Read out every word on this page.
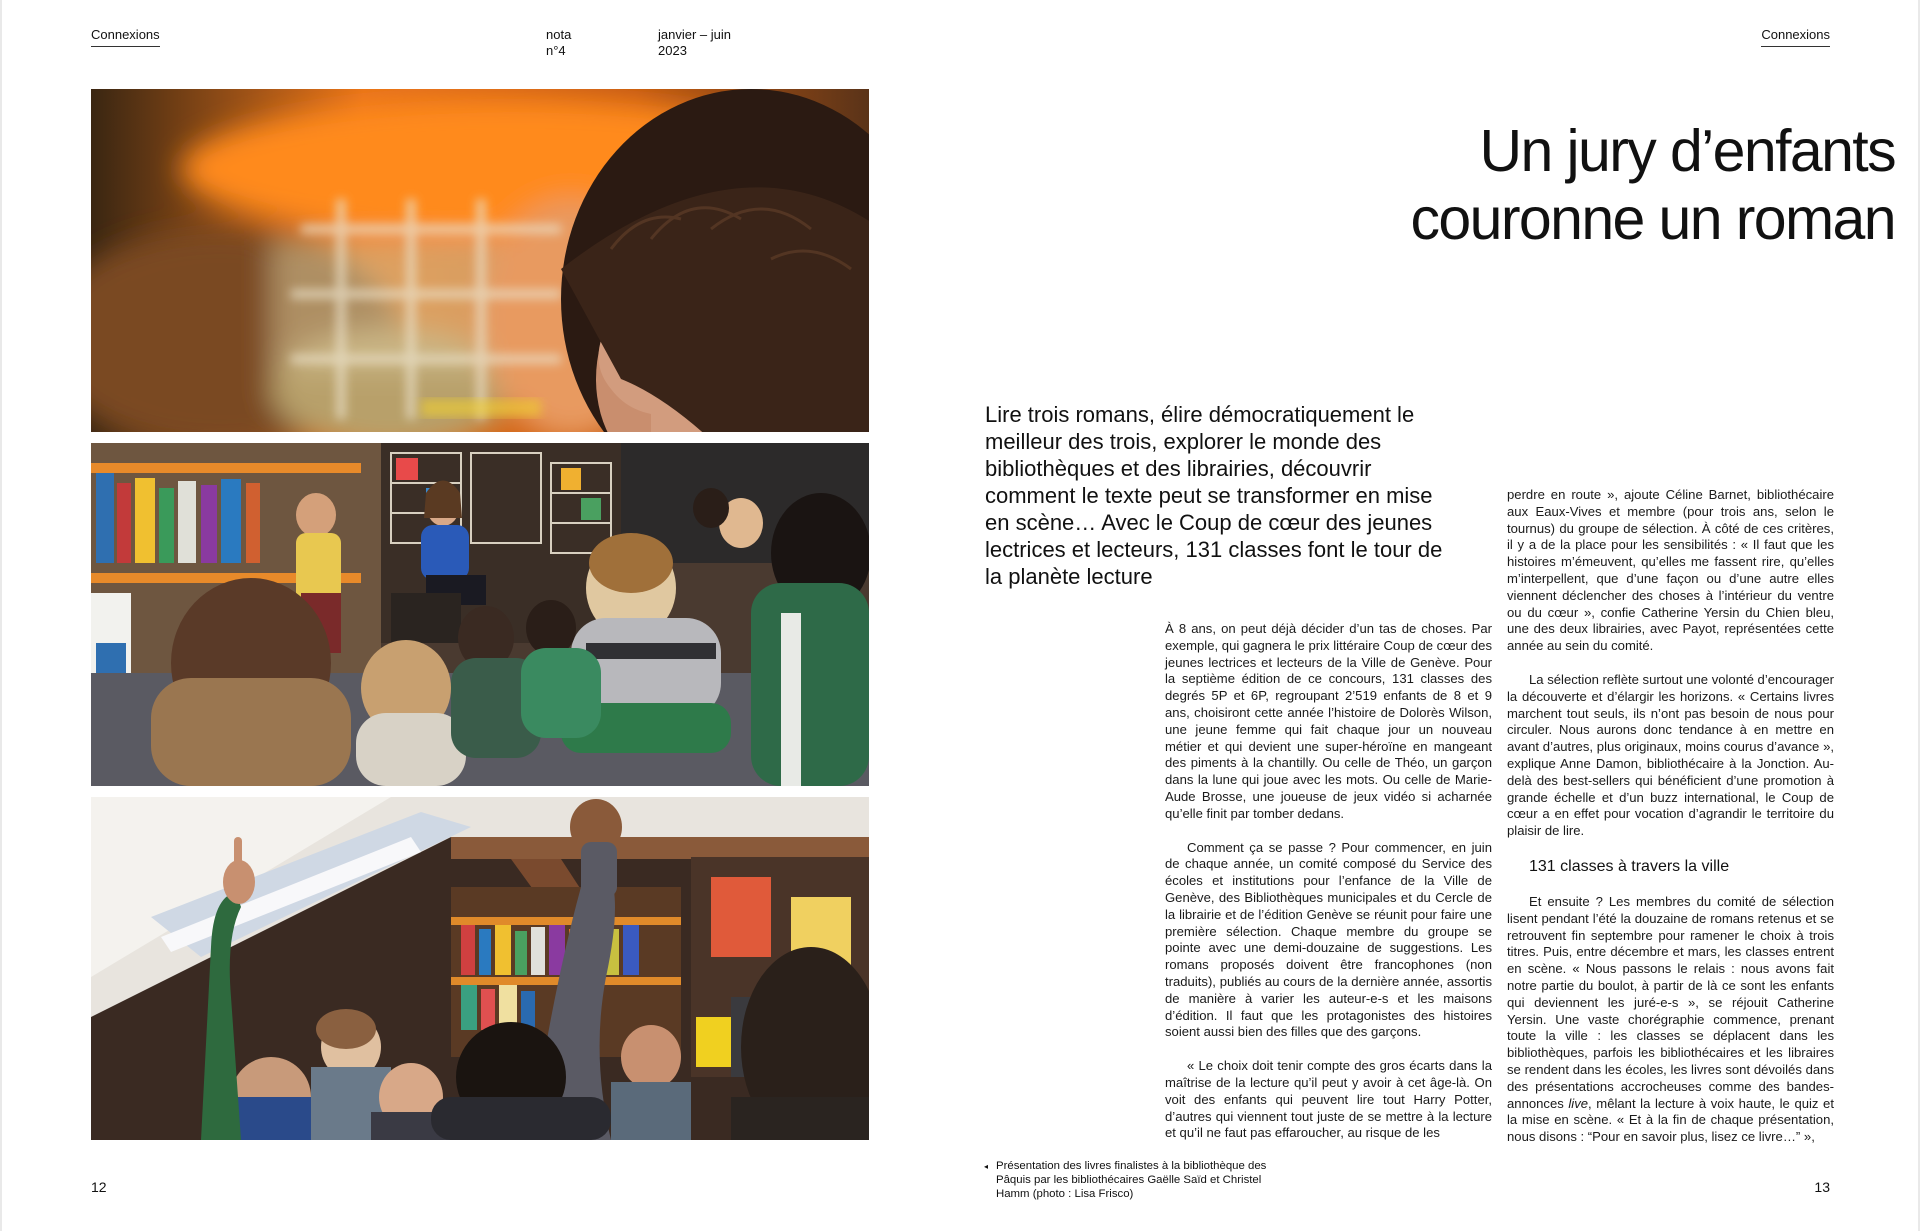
Connexions	nota
n°4
janvier – juin
2023
Connexions
Un jury d’enfants
couronne un roman
Lire trois romans, élire démocratiquement le meilleur des trois, explorer le monde des bibliothèques et des librairies, découvrir comment le texte peut se transformer en mise en scène… Avec le Coup de cœur des jeunes lectrices et lecteurs, 131 classes font le tour de la planète lecture

À 8 ans, on peut déjà décider d’un tas de choses. Par exemple, qui gagnera le prix littéraire Coup de cœur des jeunes lectrices et lecteurs de la Ville de Genève. Pour la septième édition de ce concours, 131 classes des degrés 5P et 6P, regroupant 2’519 enfants de 8 et 9 ans, choisiront cette année l’histoire de Dolorès Wilson, une jeune femme qui fait chaque jour un nouveau métier et qui devient une super-héroïne en mangeant des piments à la chantilly. Ou celle de Théo, un garçon dans la lune qui joue avec les mots. Ou celle de Marie-Aude Brosse, une joueuse de jeux vidéo si acharnée qu’elle finit par tomber dedans.

Comment ça se passe ? Pour commencer, en juin de chaque année, un comité composé du Service des écoles et institutions pour l’enfance de la Ville de Genève, des Bibliothèques municipales et du Cercle de la librairie et de l’édition Genève se réunit pour faire une première sélection. Chaque membre du groupe se pointe avec une demi-douzaine de suggestions. Les romans proposés doivent être francophones (non traduits), publiés au cours de la dernière année, assortis de manière à varier les auteur-e-s et les maisons d’édition. Il faut que les protagonistes des histoires soient aussi bien des filles que des garçons.

« Le choix doit tenir compte des gros écarts dans la maîtrise de la lecture qu’il peut y avoir à cet âge-là. On voit des enfants qui peuvent lire tout Harry Potter, d’autres qui viennent tout juste de se mettre à la lecture et qu’il ne faut pas effaroucher, au risque de les

perdre en route », ajoute Céline Barnet, bibliothécaire aux Eaux-Vives et membre (pour trois ans, selon le tournus) du groupe de sélection. À côté de ces critères, il y a de la place pour les sensibilités : « Il faut que les histoires m’émeuvent, qu’elles me fassent rire, qu’elles m’interpellent, que d’une façon ou d’une autre elles viennent déclencher des choses à l’intérieur du ventre ou du cœur », confie Catherine Yersin du Chien bleu, une des deux librairies, avec Payot, représentées cette année au sein du comité.

La sélection reflète surtout une volonté d’encourager la découverte et d’élargir les horizons. « Certains livres marchent tout seuls, ils n’ont pas besoin de nous pour circuler. Nous aurons donc tendance à en mettre en avant d’autres, plus originaux, moins courus d’avance », explique Anne Damon, bibliothécaire à la Jonction. Au-delà des best-sellers qui bénéficient d’une promotion à grande échelle et d’un buzz international, le Coup de cœur a en effet pour vocation d’agrandir le territoire du plaisir de lire.

131 classes à travers la ville

Et ensuite ? Les membres du comité de sélection lisent pendant l’été la douzaine de romans retenus et se retrouvent fin septembre pour ramener le choix à trois titres. Puis, entre décembre et mars, les classes entrent en scène. « Nous passons le relais : nous avons fait notre partie du boulot, à partir de là ce sont les enfants qui deviennent les juré-e-s », se réjouit Catherine Yersin. Une vaste chorégraphie commence, prenant toute la ville : les classes se déplacent dans les bibliothèques, parfois les bibliothécaires et les libraires se rendent dans les écoles, les livres sont dévoilés dans des présentations accrocheuses comme des bandes-annonces live, mêlant la lecture à voix haute, le quiz et la mise en scène. « Et à la fin de chaque présentation, nous disons : “Pour en savoir plus, lisez ce livre…” »,

◂ Présentation des livres finalistes à la bibliothèque des Pâquis par les bibliothécaires Gaëlle Saïd et Christel Hamm (photo : Lisa Frisco)
12	13
